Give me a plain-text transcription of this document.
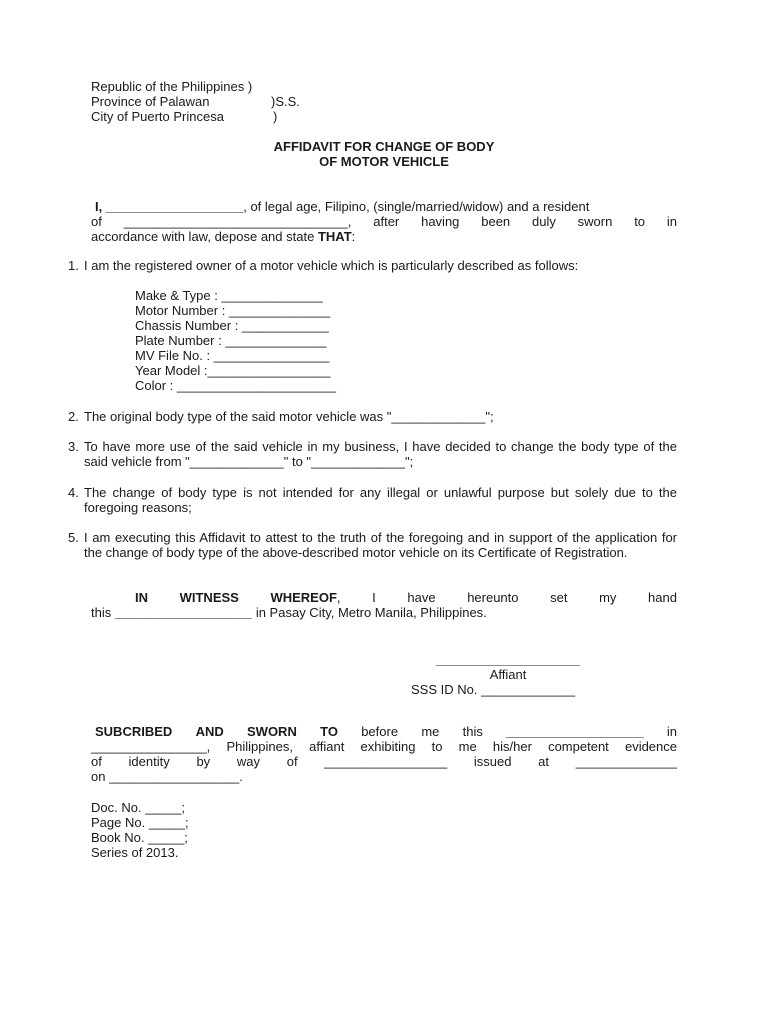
Republic of the Philippines )
Province of Palawan	)S.S.
City of Puerto Princesa	)
AFFIDAVIT FOR CHANGE OF BODY
OF MOTOR VEHICLE
I, ___________________, of legal age, Filipino, (single/married/widow) and a resident
of _______________________________, after having been duly sworn to in
accordance with law, depose and state THAT:
1. I am the registered owner of a motor vehicle which is particularly described as follows:
Make & Type : ______________
Motor Number : ______________
Chassis Number : ____________
Plate Number : ______________
MV File No. : ________________
Year Model :_________________
Color : ______________________
2. The original body type of the said motor vehicle was "_____________";
3. To have more use of the said vehicle in my business, I have decided to change the body type of the said vehicle from "_____________" to "_____________";
4. The change of body type is not intended for any illegal or unlawful purpose but solely due to the foregoing reasons;
5. I am executing this Affidavit to attest to the truth of the foregoing and in support of the application for the change of body type of the above-described motor vehicle on its Certificate of Registration.
IN WITNESS WHEREOF, I have hereunto set my hand
this ___________________ in Pasay City, Metro Manila, Philippines.
____________________
Affiant
SSS ID No. _____________
SUBCRIBED AND SWORN TO before me this ___________________ in
________________, Philippines, affiant exhibiting to me his/her competent evidence
of identity by way of _________________ issued at ______________
on __________________.
Doc. No. _____;
Page No. _____;
Book No. _____;
Series of 2013.
